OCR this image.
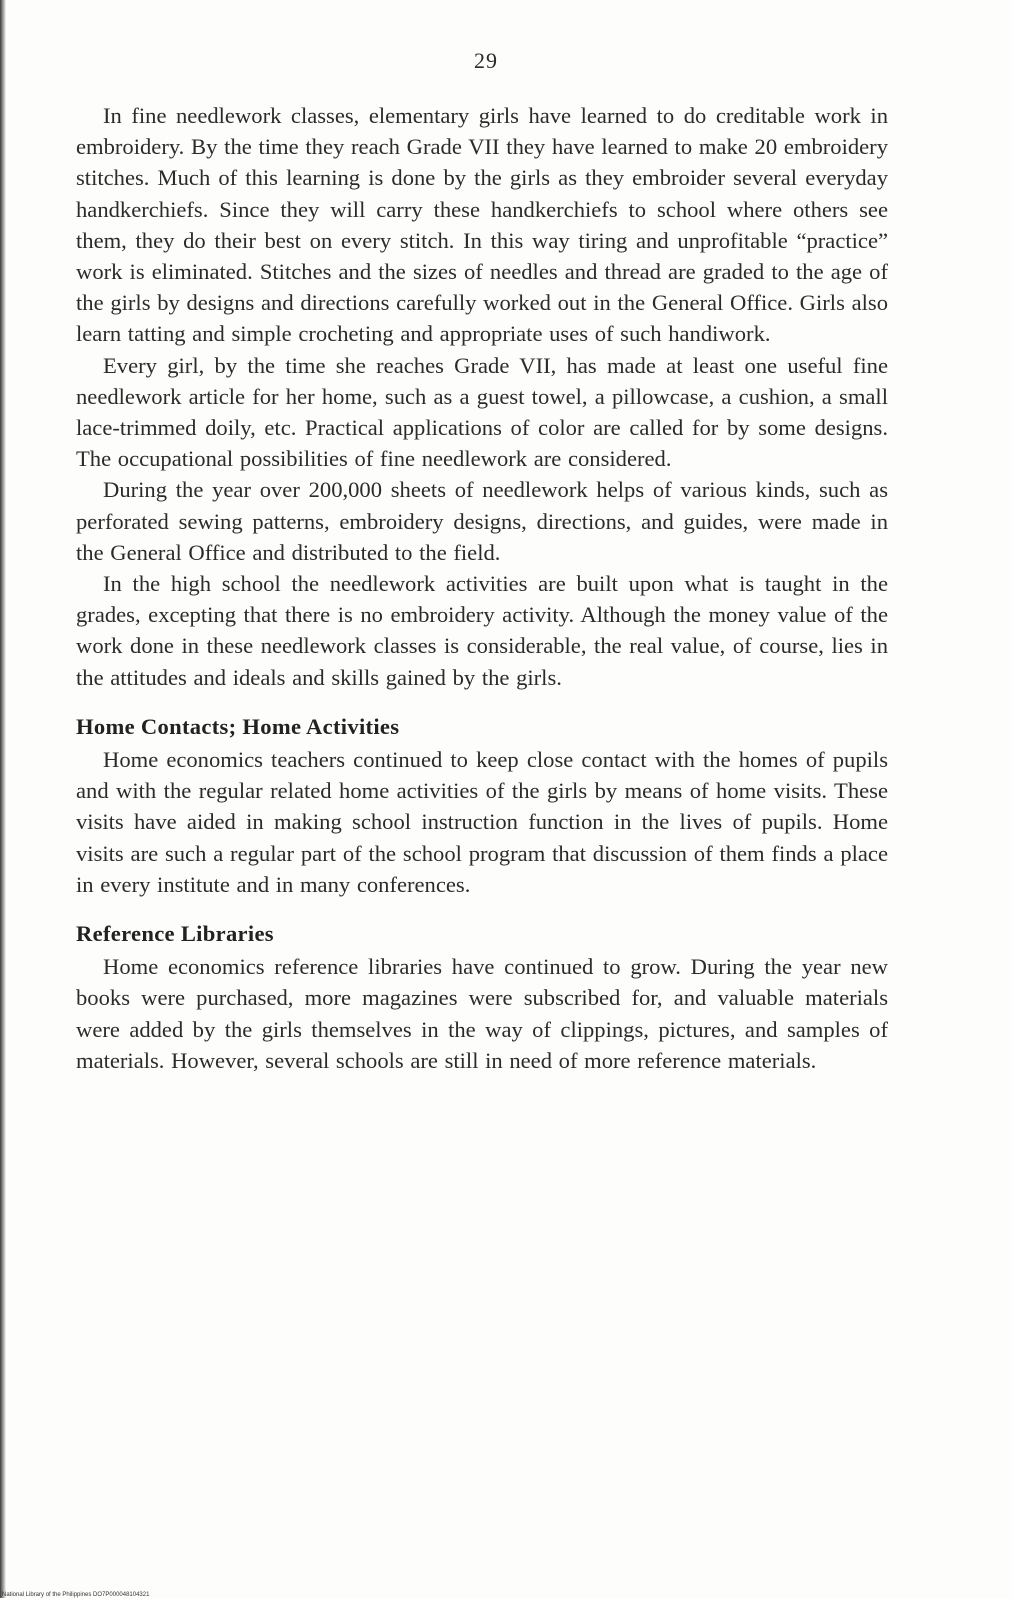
29

In fine needlework classes, elementary girls have learned to do creditable work in embroidery. By the time they reach Grade VII they have learned to make 20 embroidery stitches. Much of this learning is done by the girls as they embroider several everyday handkerchiefs. Since they will carry these handkerchiefs to school where others see them, they do their best on every stitch. In this way tiring and unprofitable “practice” work is eliminated. Stitches and the sizes of needles and thread are graded to the age of the girls by designs and directions carefully worked out in the General Office. Girls also learn tatting and simple crocheting and appropriate uses of such handiwork.

Every girl, by the time she reaches Grade VII, has made at least one useful fine needlework article for her home, such as a guest towel, a pillowcase, a cushion, a small lace-trimmed doily, etc. Practical applications of color are called for by some designs. The occupational possibilities of fine needlework are considered.

During the year over 200,000 sheets of needlework helps of various kinds, such as perforated sewing patterns, embroidery designs, directions, and guides, were made in the General Office and distributed to the field.

In the high school the needlework activities are built upon what is taught in the grades, excepting that there is no embroidery activity. Although the money value of the work done in these needlework classes is considerable, the real value, of course, lies in the attitudes and ideals and skills gained by the girls.

Home Contacts; Home Activities

Home economics teachers continued to keep close contact with the homes of pupils and with the regular related home activities of the girls by means of home visits. These visits have aided in making school instruction function in the lives of pupils. Home visits are such a regular part of the school program that discussion of them finds a place in every institute and in many conferences.

Reference Libraries

Home economics reference libraries have continued to grow. During the year new books were purchased, more magazines were subscribed for, and valuable materials were added by the girls themselves in the way of clippings, pictures, and samples of materials. However, several schools are still in need of more reference materials.

National Library of the Philippines DO7P000048104321
